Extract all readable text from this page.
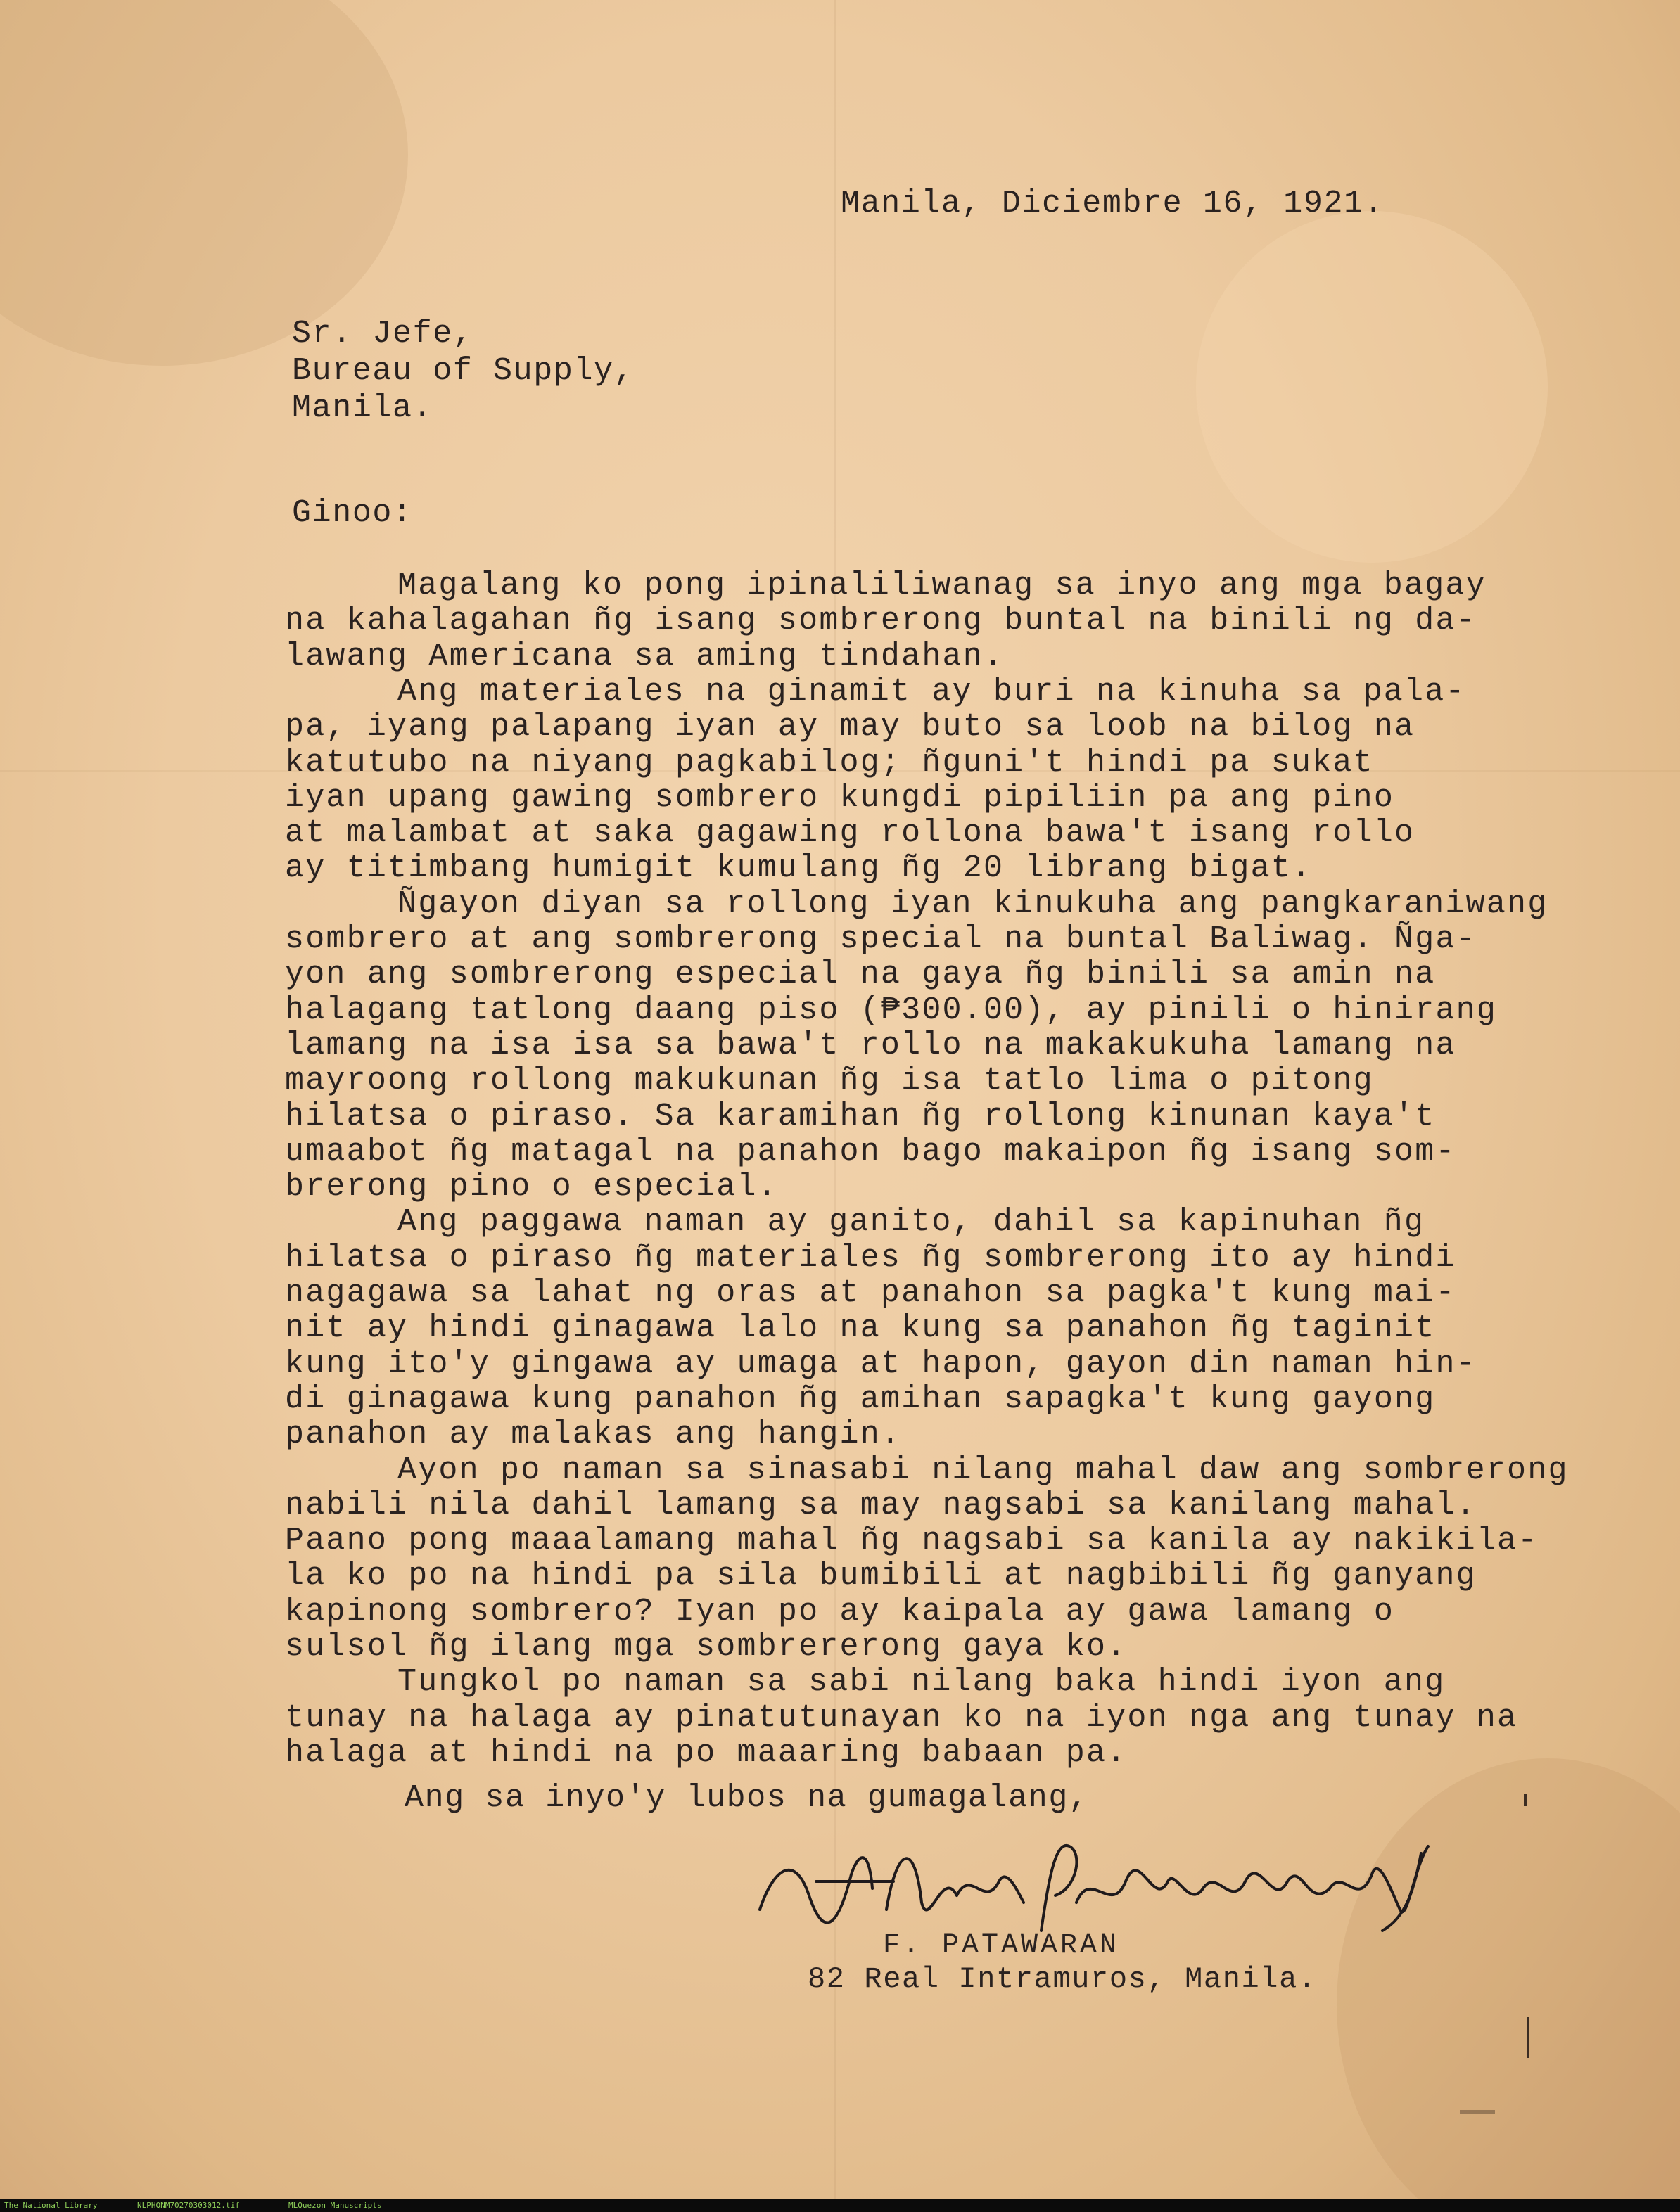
Manila, Diciembre 16, 1921.

Sr. Jefe,

Bureau of Supply,

Manila.

Ginoo:

Magalang ko pong ipinaliliwanag sa inyo ang mga bagay

na kahalagahan ñg isang sombrerong buntal na binili ng da-

lawang Americana sa aming tindahan.

Ang materiales na ginamit ay buri na kinuha sa pala-

pa, iyang palapang iyan ay may buto sa loob na bilog na

katutubo na niyang pagkabilog; ñguni't hindi pa sukat

iyan upang gawing sombrero kungdi pipiliin pa ang pino

at malambat at saka gagawing rollona bawa't isang rollo

ay titimbang humigit kumulang ñg 20 librang bigat.

Ñgayon diyan sa rollong iyan kinukuha ang pangkaraniwang

sombrero at ang sombrerong special na buntal Baliwag. Ñga-

yon ang sombrerong especial na gaya ñg binili sa amin na

halagang tatlong daang piso (₱300.00), ay pinili o hinirang

lamang na isa isa sa bawa't rollo na makakukuha lamang na

mayroong rollong makukunan ñg isa tatlo lima o pitong

hilatsa o piraso. Sa karamihan ñg rollong kinunan kaya't

umaabot ñg matagal na panahon bago makaipon ñg isang som-

brerong pino o especial.

Ang paggawa naman ay ganito, dahil sa kapinuhan ñg

hilatsa o piraso ñg materiales ñg sombrerong ito ay hindi

nagagawa sa lahat ng oras at panahon sa pagka't kung mai-

nit ay hindi ginagawa lalo na kung sa panahon ñg taginit

kung ito'y gingawa ay umaga at hapon, gayon din naman hin-

di ginagawa kung panahon ñg amihan sapagka't kung gayong

panahon ay malakas ang hangin.

Ayon po naman sa sinasabi nilang mahal daw ang sombrerong

nabili nila dahil lamang sa may nagsabi sa kanilang mahal.

Paano pong maaalamang mahal ñg nagsabi sa kanila ay nakikila-

la ko po na hindi pa sila bumibili at nagbibili ñg ganyang

kapinong sombrero? Iyan po ay kaipala ay gawa lamang o

sulsol ñg ilang mga sombrererong gaya ko.

Tungkol po naman sa sabi nilang baka hindi iyon ang

tunay na halaga ay pinatutunayan ko na iyon nga ang tunay na

halaga at hindi na po maaaring babaan pa.

Ang sa inyo'y lubos na gumagalang,

F. PATAWARAN

82 Real Intramuros, Manila.

The National Library	NLPHQNM70270303012.tif	MLQuezon Manuscripts
